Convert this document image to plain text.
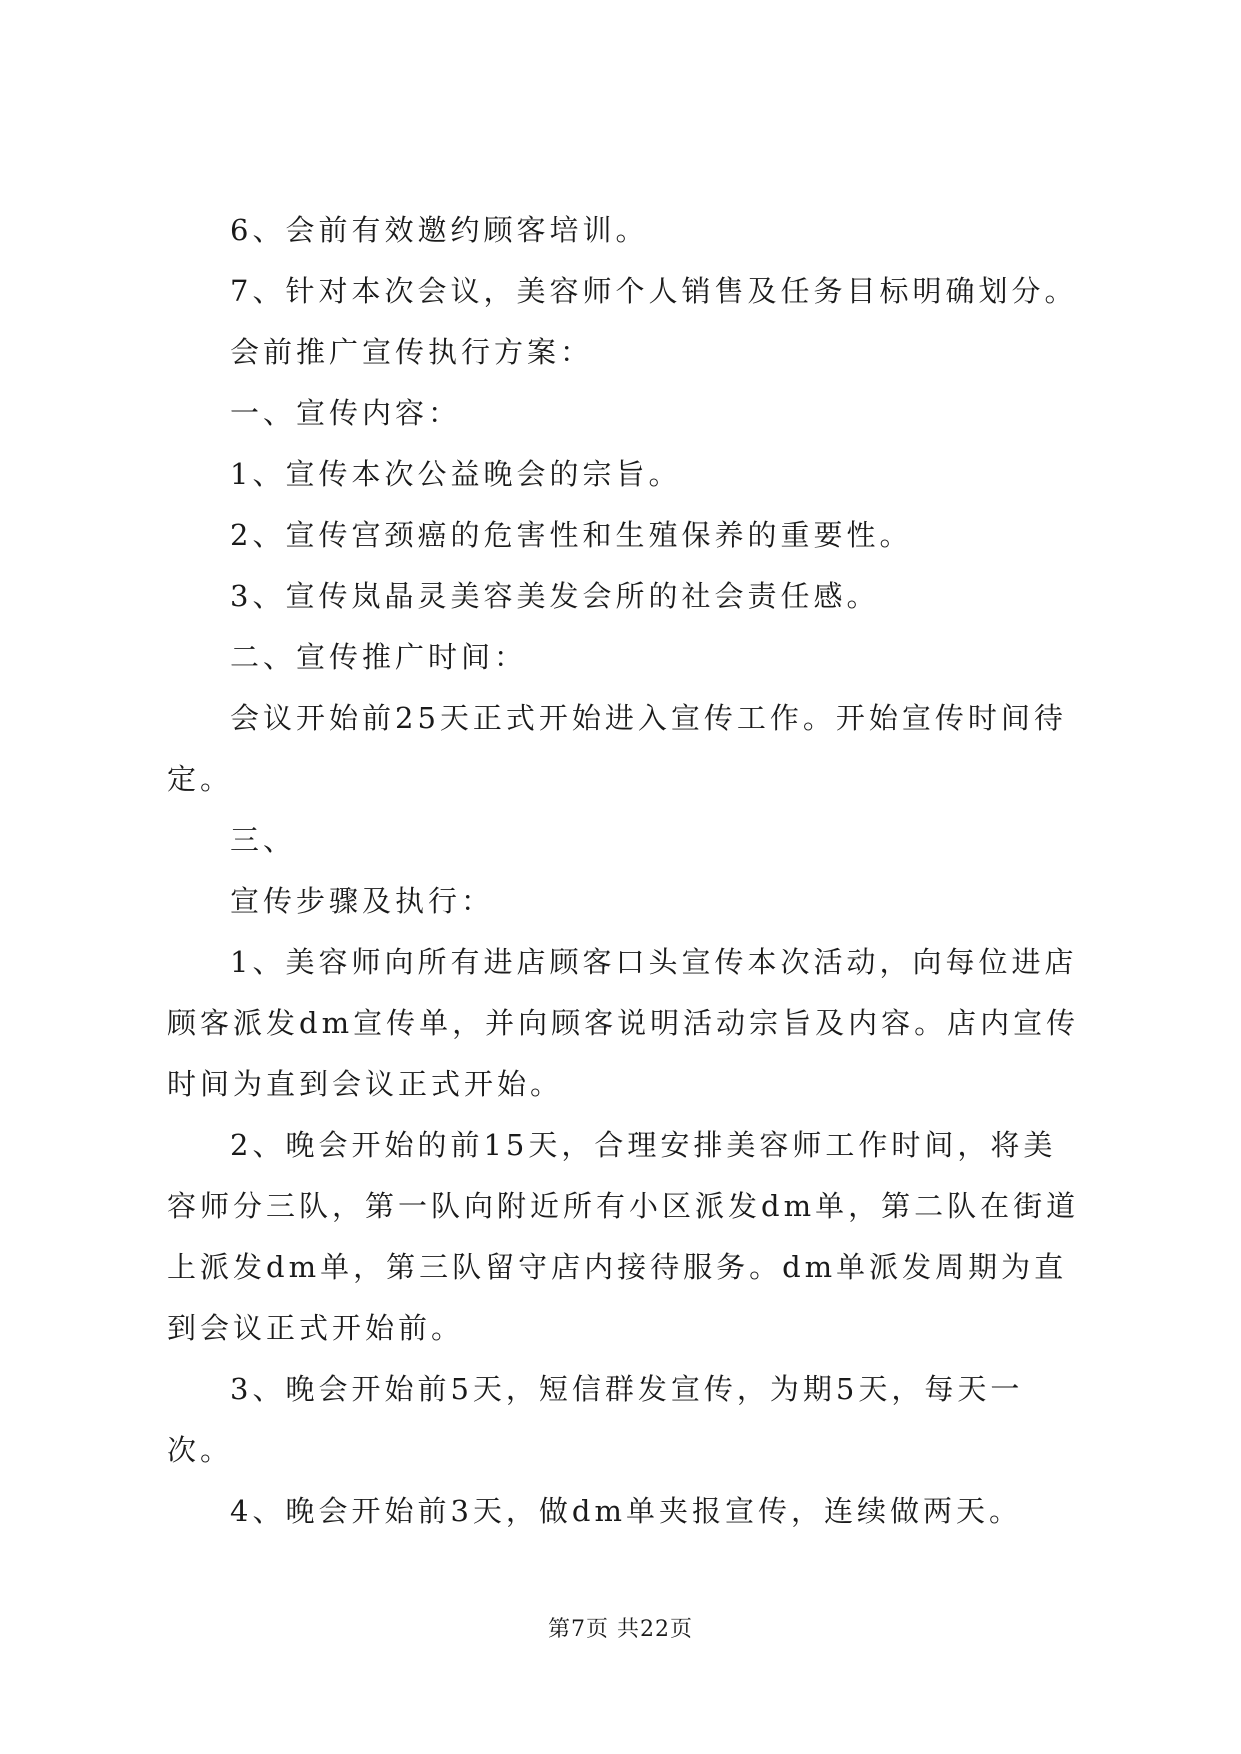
6、会前有效邀约顾客培训。

7、针对本次会议，美容师个人销售及任务目标明确划分。

会前推广宣传执行方案：

一、宣传内容：

1、宣传本次公益晚会的宗旨。

2、宣传宫颈癌的危害性和生殖保养的重要性。

3、宣传岚晶灵美容美发会所的社会责任感。

二、宣传推广时间：

会议开始前25天正式开始进入宣传工作。开始宣传时间待定。

三、

宣传步骤及执行：

1、美容师向所有进店顾客口头宣传本次活动，向每位进店顾客派发dm宣传单，并向顾客说明活动宗旨及内容。店内宣传时间为直到会议正式开始。

2、晚会开始的前15天，合理安排美容师工作时间，将美容师分三队，第一队向附近所有小区派发dm单，第二队在街道上派发dm单，第三队留守店内接待服务。dm单派发周期为直到会议正式开始前。

3、晚会开始前5天，短信群发宣传，为期5天，每天一次。

4、晚会开始前3天，做dm单夹报宣传，连续做两天。

第7页 共22页
